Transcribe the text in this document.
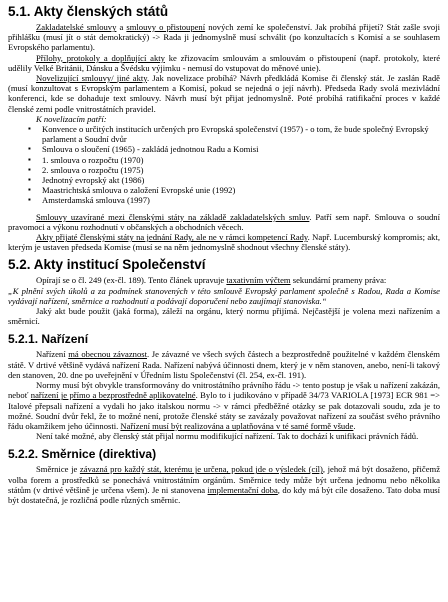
5.1. Akty členských států

Zakladatelské smlouvy a smlouvy o přistoupení nových zemí ke společenství. Jak probíhá přijetí? Stát zašle svoji přihlášku (musí jít o stát demokratický) -> Rada ji jednomyslně musí schválit (po konzultacích s Komisí a se souhlasem Evropského parlamentu).

Přílohy, protokoly a doplňující akty ke zřizovacím smlouvám a smlouvám o přistoupení (např. protokoly, které udělily Velké Británii, Dánsku a Švédsku výjimku - nemusí do vstupovat do měnové unie).

Novelizující smlouvy/ jiné akty. Jak novelizace probíhá? Návrh předkládá Komise či členský stát. Je zaslán Radě (musí konzultovat s Evropským parlamentem a Komisí, pokud se nejedná o její návrh). Předseda Rady svolá mezivládní konferenci, kde se dohaduje text smlouvy. Návrh musí být přijat jednomyslně. Poté probíhá ratifikační proces v každé členské zemi podle vnitrostátních pravidel.

K novelizacím patří:

▪ Konvence o určitých institucích určených pro Evropská společenství (1957) - o tom, že bude společný Evropský parlament a Soudní dvůr
▪ Smlouva o sloučení (1965) - zakládá jednotnou Radu a Komisi
▪ 1. smlouva o rozpočtu (1970)
▪ 2. smlouva o rozpočtu (1975)
▪ Jednotný evropský akt (1986)
▪ Maastrichtská smlouva o založení Evropské unie (1992)
▪ Amsterdamská smlouva (1997)

Smlouvy uzavírané mezi členskými státy na základě zakladatelských smluv. Patří sem např. Smlouva o soudní pravomoci a výkonu rozhodnutí v občanských a obchodních věcech.

Akty přijaté členskými státy na jednání Rady, ale ne v rámci kompetencí Rady. Např. Lucemburský kompromis; akt, kterým je ustaven předseda Komise (musí se na něm jednomyslně shodnout všechny členské státy).

5.2. Akty institucí Společenství

Opírají se o čl. 249 (ex-čl. 189). Tento článek upravuje taxativním výčtem sekundární prameny práva:

„K plnění svých úkolů a za podmínek stanovených v této smlouvě Evropský parlament společně s Radou, Rada a Komise vydávají nařízení, směrnice a rozhodnutí a podávají doporučení nebo zaujímají stanoviska.“

Jaký akt bude použit (jaká forma), záleží na orgánu, který normu přijímá. Nejčastější je volena mezi nařízením a směrnicí.

5.2.1. Nařízení

Nařízení má obecnou závaznost. Je závazné ve všech svých částech a bezprostředně použitelné v každém členském státě. V drtivé většině vydává nařízení Rada. Nařízení nabývá účinnosti dnem, který je v něm stanoven, anebo, není-li takový den stanoven, 20. dne po uveřejnění v Úředním listu Společenství (čl. 254, ex-čl. 191).

Normy musí být obvykle transformovány do vnitrostátního právního řádu -> tento postup je však u nařízení zakázán, neboť nařízení je přímo a bezprostředně aplikovatelné. Bylo to i judikováno v případě 34/73 VARIOLA [1973] ECR 981 => Italové přepsali nařízení a vydali ho jako italskou normu -> v rámci předběžné otázky se pak dotazovali soudu, zda je to možné. Soudní dvůr řekl, že to možné není, protože členské státy se zavázaly považovat nařízení za součást svého právního řádu okamžikem jeho účinnosti. Nařízení musí být realizována a uplatňována v té samé formě všude.

Není také možné, aby členský stát přijal normu modifikující nařízení. Tak to dochází k unifikaci právních řádů.

5.2.2. Směrnice (direktiva)

Směrnice je závazná pro každý stát, kterému je určena, pokud jde o výsledek (cíl), jehož má být dosaženo, přičemž volba forem a prostředků se ponechává vnitrostátním orgánům. Směrnice tedy může být určena jednomu nebo několika státům (v drtivé většině je určena všem). Je ni stanovena implementační doba, do kdy má být cíle dosaženo. Tato doba musí být dostatečná, je rozličná podle různých směrnic.
